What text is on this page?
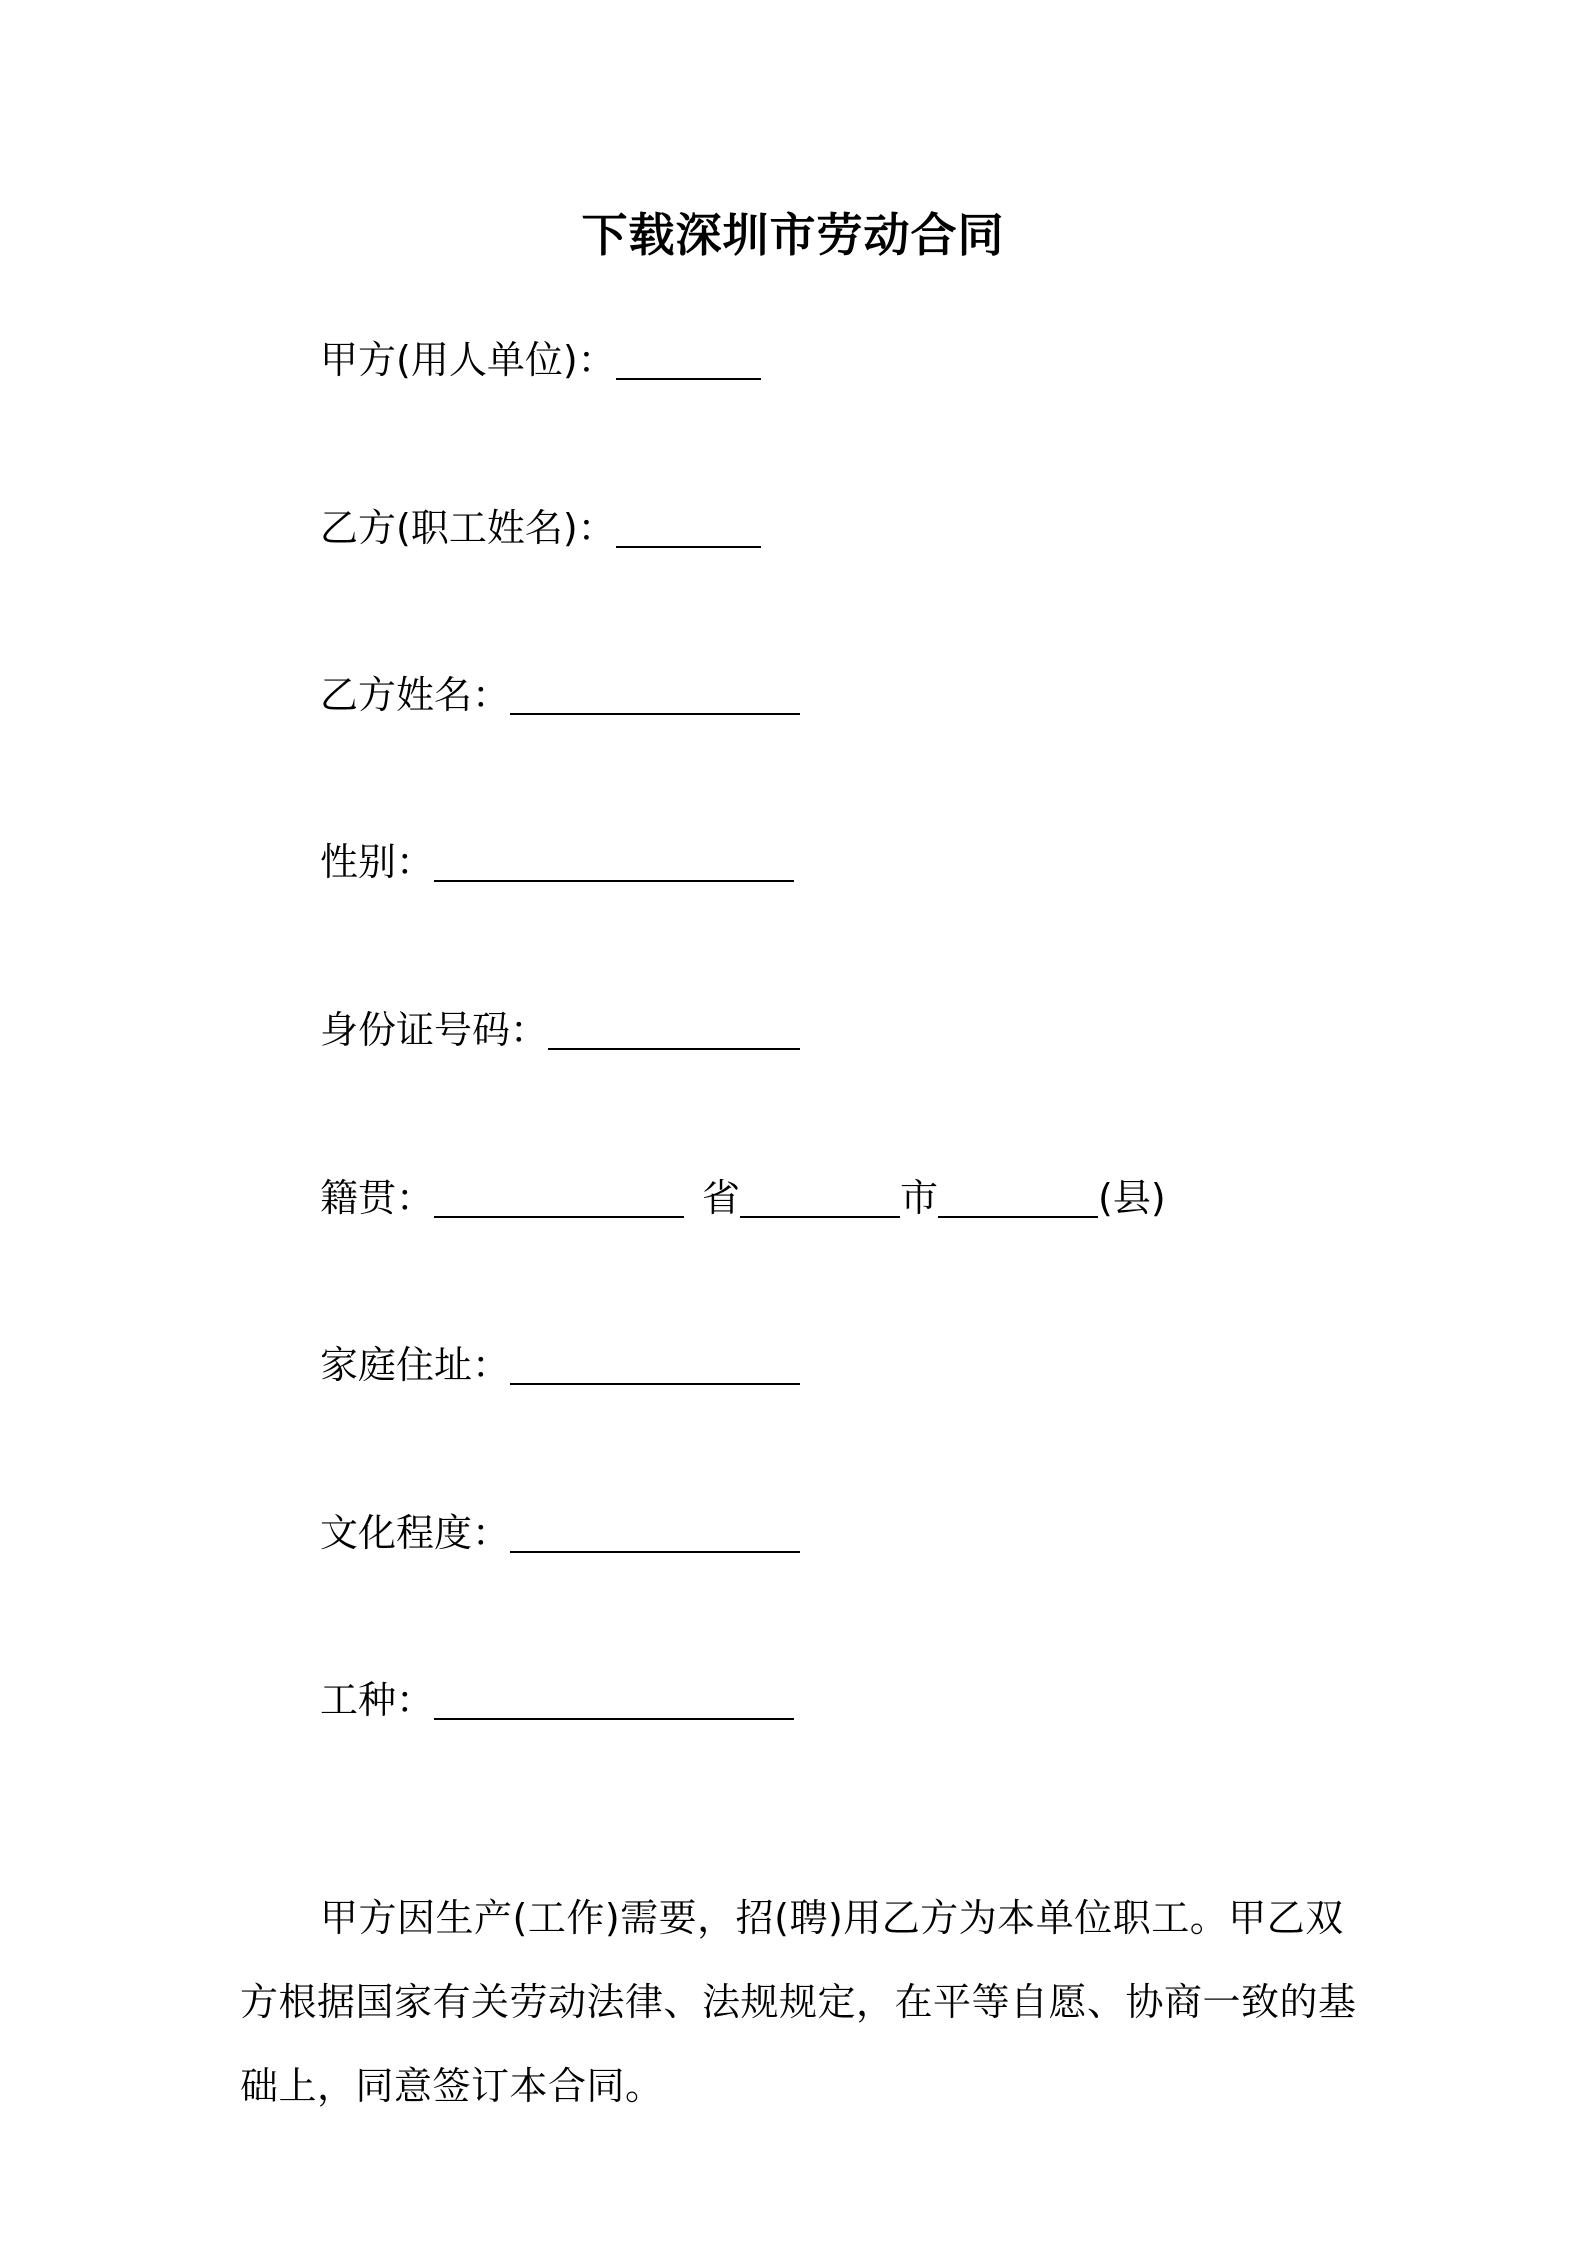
下载深圳市劳动合同
甲方(用人单位)：
乙方(职工姓名)：
乙方姓名：
性别：
身份证号码：
籍贯：	省	市	(县)
家庭住址：
文化程度：
工种：

甲方因生产(工作)需要，招(聘)用乙方为本单位职工。甲乙双方根据国家有关劳动法律、法规规定，在平等自愿、协商一致的基础上，同意签订本合同。
